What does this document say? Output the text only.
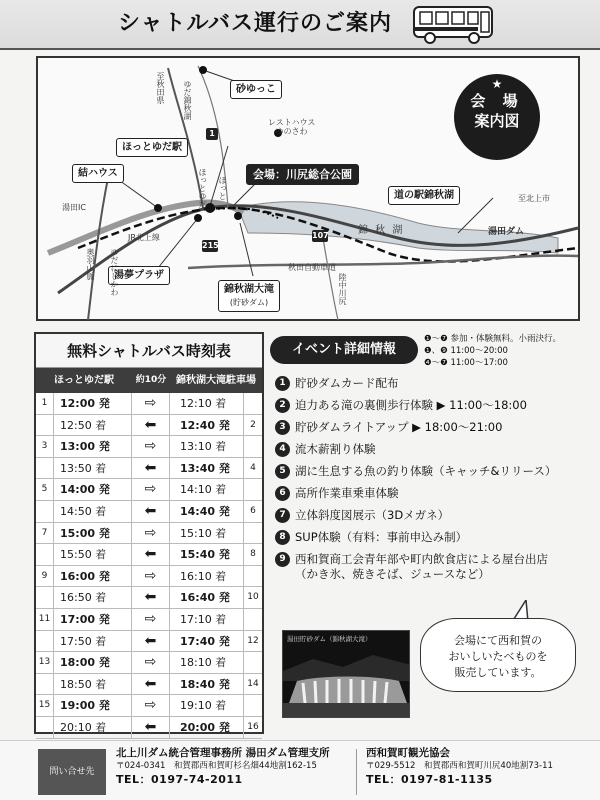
シャトルバス運行のご案内
★
会 場
案内図
砂ゆっこ
レストハウス
ゆのさわ
ほっとゆだ駅
結ハウス	会場：川尻総合公園
道の駅錦秋湖
湯田ダム
湯夢プラザ
錦秋湖大滝
(貯砂ダム)
湯田IC
JR北上線
秋田自動車道
錦 秋 湖
至北上市
至秋田県
ほっとゆだ
ゆだにしかわ
奥羽山脈
陸中川尻
ほっと
ゆだ錦秋湖
107
1
215
無料シャトルバス時刻表
ほっとゆだ駅	約10分 錦秋湖大滝駐車場
1	12:00 発	⇨	12:10 着
12:50 着	⬅	12:40 発	2
3	13:00 発	⇨	13:10 着
13:50 着	⬅	13:40 発	4
5	14:00 発	⇨	14:10 着
14:50 着	⬅	14:40 発	6
7	15:00 発	⇨	15:10 着
15:50 着	⬅	15:40 発	8
9	16:00 発	⇨	16:10 着
16:50 着	⬅	16:40 発	10
11 17:00 発	⇨	17:10 着
17:50 着	⬅	17:40 発	12
13 18:00 発	⇨	18:10 着
18:50 着	⬅	18:40 発	14
15 19:00 発	⇨	19:10 着
20:10 着	⬅	20:00 発	16
イベント詳細情報
❶〜❼ 参加・体験無料。小雨決行。
❶、❾ 11:00〜20:00
❹〜❼ 11:00〜17:00
1 貯砂ダムカード配布
2 迫力ある滝の裏側歩行体験 ▶ 11:00〜18:00
3 貯砂ダムライトアップ ▶ 18:00〜21:00
4 流木薪割り体験
5 湖に生息する魚の釣り体験（キャッチ&リリース）
6 高所作業車乗車体験
7 立体斜度図展示（3Dメガネ）
8 SUP体験（有料：事前申込み制）
9 西和賀商工会青年部や町内飲食店による屋台出店
（かき氷、焼きそば、ジュースなど）
湯田貯砂ダム（錦秋湖大滝）	会場にて西和賀の
おいしいたべものを
販売しています。
問い合せ先
北上川ダム統合管理事務所 湯田ダム管理支所
〒024-0341　和賀郡西和賀町杉名畑44地割162-15
TEL：0197-74-2011
西和賀町観光協会
〒029-5512　和賀郡西和賀町川尻40地割73-11
TEL：0197-81-1135
